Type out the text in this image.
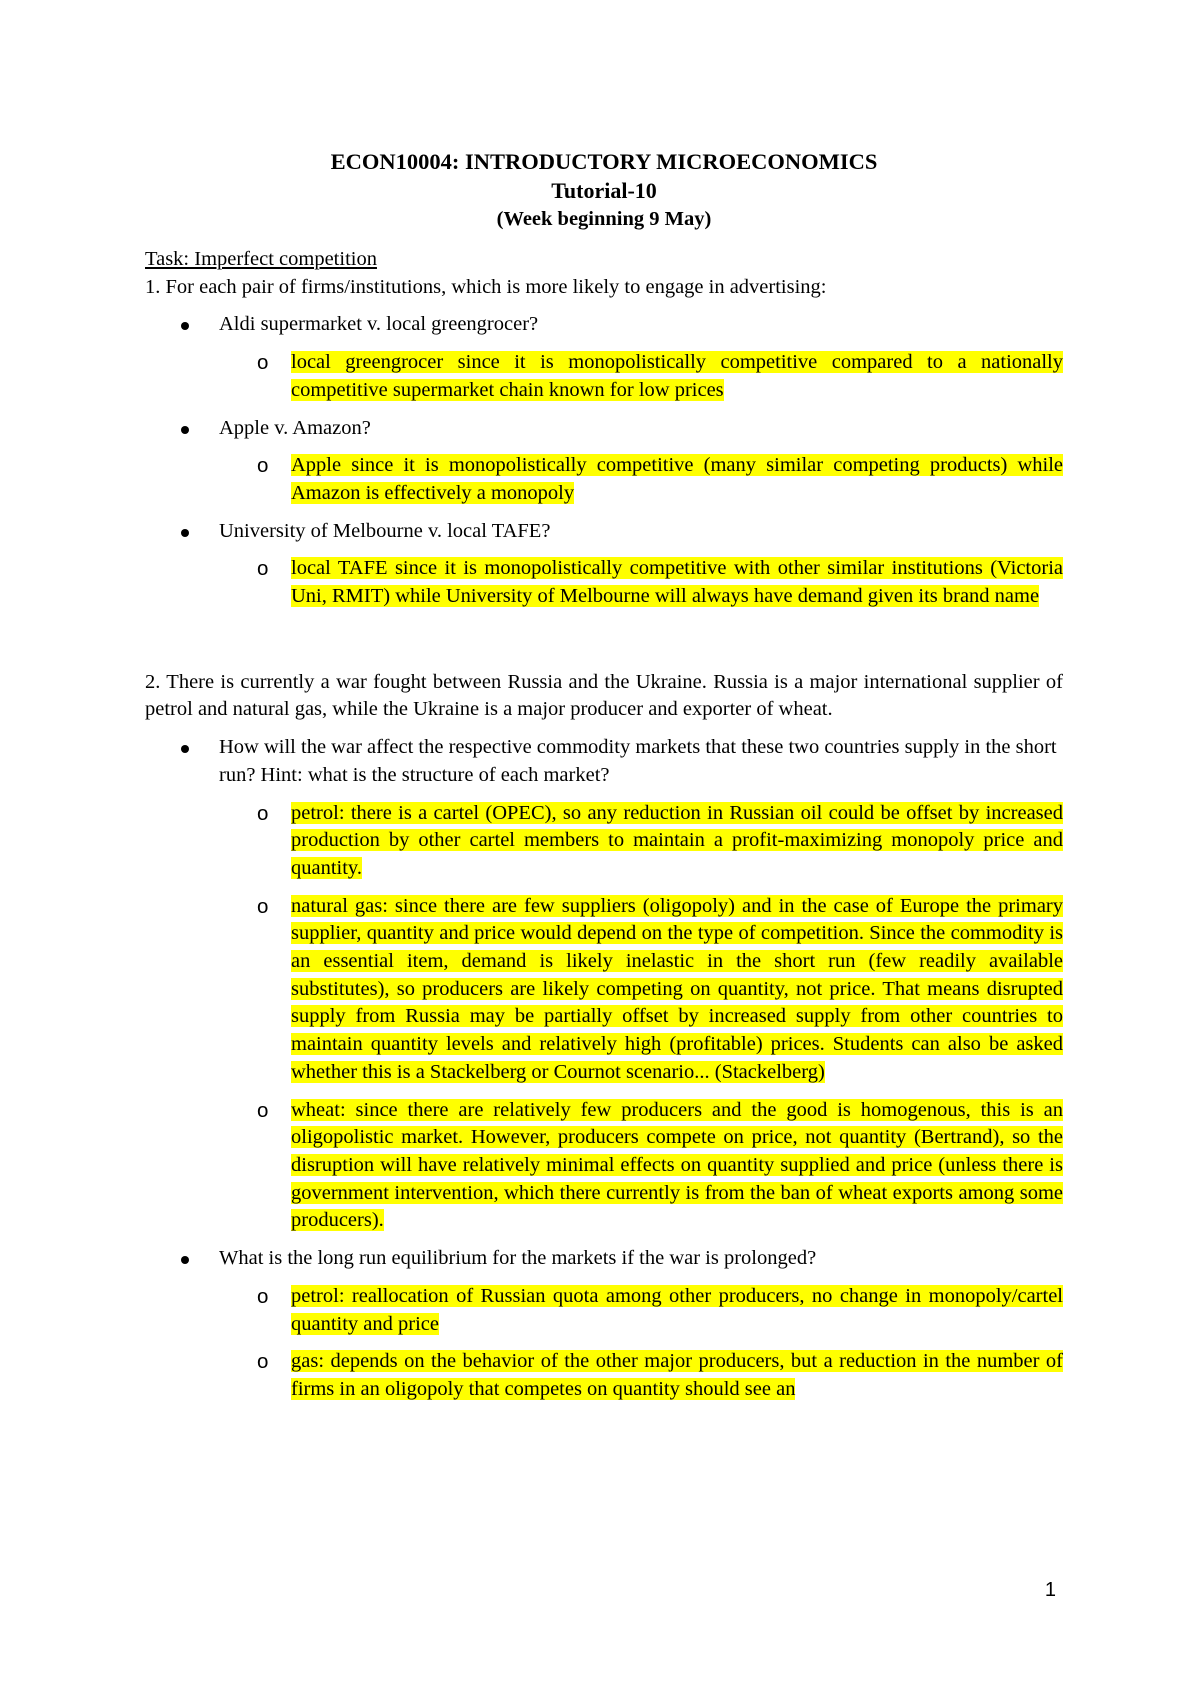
ECON10004: INTRODUCTORY MICROECONOMICS
Tutorial-10
(Week beginning 9 May)
Task: Imperfect competition
1. For each pair of firms/institutions, which is more likely to engage in advertising:
Aldi supermarket v. local greengrocer?
o local greengrocer since it is monopolistically competitive compared to a nationally competitive supermarket chain known for low prices
Apple v. Amazon?
o Apple since it is monopolistically competitive (many similar competing products) while Amazon is effectively a monopoly
University of Melbourne v. local TAFE?
o local TAFE since it is monopolistically competitive with other similar institutions (Victoria Uni, RMIT) while University of Melbourne will always have demand given its brand name
2. There is currently a war fought between Russia and the Ukraine. Russia is a major international supplier of petrol and natural gas, while the Ukraine is a major producer and exporter of wheat.
How will the war affect the respective commodity markets that these two countries supply in the short run? Hint: what is the structure of each market?
o petrol: there is a cartel (OPEC), so any reduction in Russian oil could be offset by increased production by other cartel members to maintain a profit-maximizing monopoly price and quantity.
o natural gas: since there are few suppliers (oligopoly) and in the case of Europe the primary supplier, quantity and price would depend on the type of competition. Since the commodity is an essential item, demand is likely inelastic in the short run (few readily available substitutes), so producers are likely competing on quantity, not price. That means disrupted supply from Russia may be partially offset by increased supply from other countries to maintain quantity levels and relatively high (profitable) prices. Students can also be asked whether this is a Stackelberg or Cournot scenario... (Stackelberg)
o wheat: since there are relatively few producers and the good is homogenous, this is an oligopolistic market. However, producers compete on price, not quantity (Bertrand), so the disruption will have relatively minimal effects on quantity supplied and price (unless there is government intervention, which there currently is from the ban of wheat exports among some producers).
What is the long run equilibrium for the markets if the war is prolonged?
o petrol: reallocation of Russian quota among other producers, no change in monopoly/cartel quantity and price
o gas: depends on the behavior of the other major producers, but a reduction in the number of firms in an oligopoly that competes on quantity should see an
1
